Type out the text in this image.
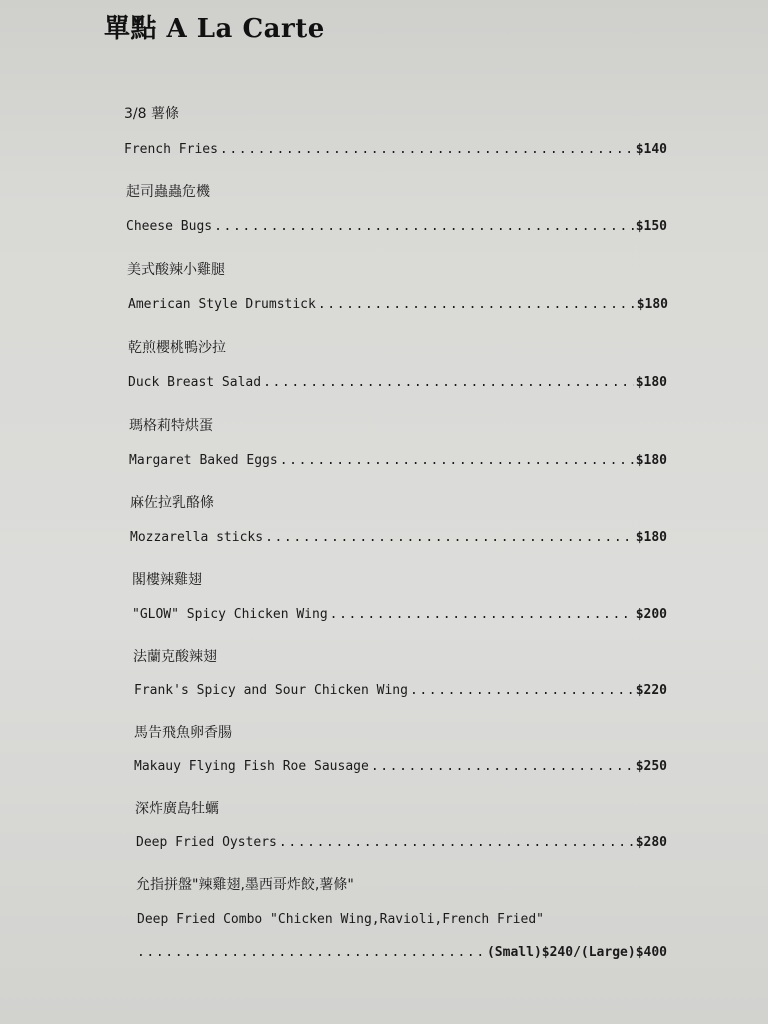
單點 A La Carte
3/8 薯條
French Fries .....	$140
起司蟲蟲危機
Cheese Bugs .....	$150
美式酸辣小雞腿
American Style Drumstick .....	$180
乾煎櫻桃鴨沙拉
Duck Breast Salad .....	$180
瑪格莉特烘蛋
Margaret Baked Eggs .....	$180
麻佐拉乳酪條
Mozzarella sticks .....	$180
閣樓辣雞翅
"GLOW" Spicy Chicken Wing .....	$200
法蘭克酸辣翅
Frank's Spicy and Sour Chicken Wing .....	$220
馬告飛魚卵香腸
Makauy Flying Fish Roe Sausage .....	$250
深炸廣島牡蠣
Deep Fried Oysters .....	$280
允指拼盤"辣雞翅,墨西哥炸餃,薯條"
Deep Fried Combo "Chicken Wing,Ravioli,French Fried"
.....
(Small)$240/(Large)$400
